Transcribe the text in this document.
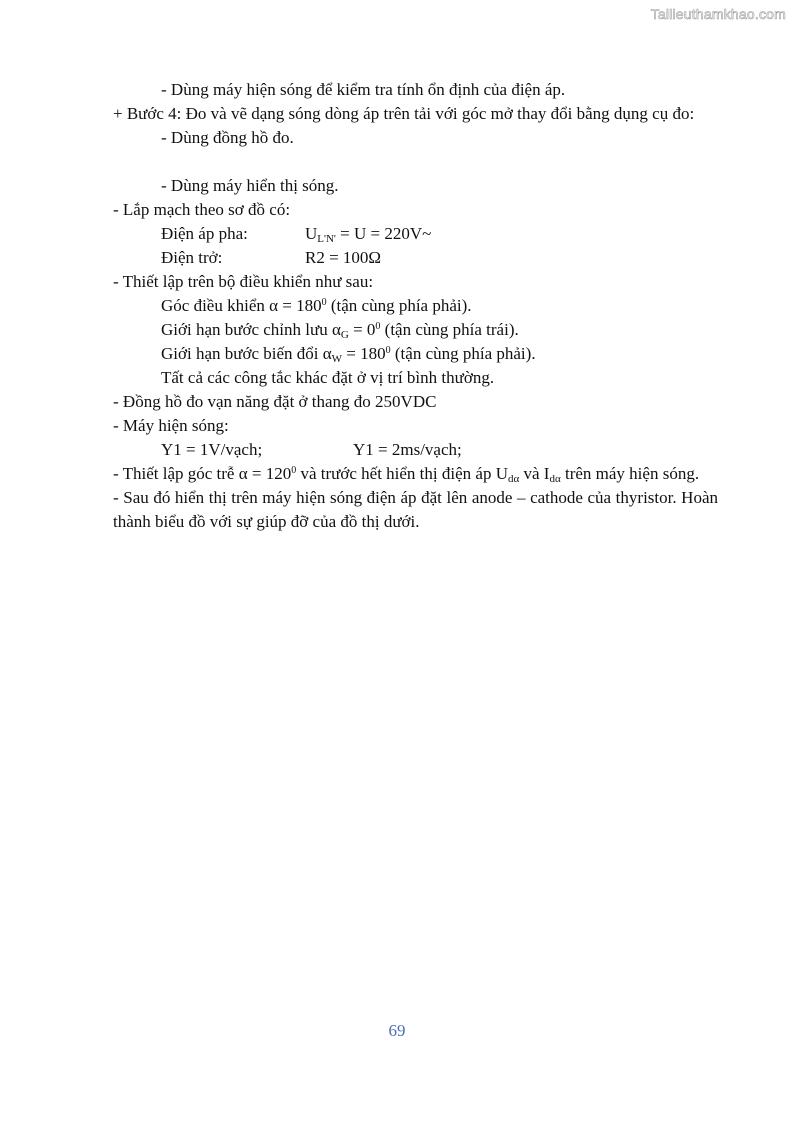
Tailieuthamkhao.com
- Dùng máy hiện sóng để kiểm tra tính ổn định của điện áp.
+ Bước 4: Đo và vẽ dạng sóng dòng áp trên tải với góc mở thay đổi bằng dụng cụ đo:
- Dùng đồng hồ đo.
- Dùng máy hiển thị sóng.
- Lắp mạch theo sơ đồ có:
Điện áp pha:	$U_{L'N'} = U$ = 220V~
Điện trở:	R2 = 100Ω
- Thiết lập trên bộ điều khiển như sau:
Góc điều khiển $\alpha = 180^0$ (tận cùng phía phải).
Giới hạn bước chỉnh lưu $\alpha_G = 0^0$ (tận cùng phía trái).
Giới hạn bước biến đổi $\alpha_W = 180^0$ (tận cùng phía phải).
Tất cả các công tắc khác đặt ở vị trí bình thường.
- Đồng hồ đo vạn năng đặt ở thang đo 250VDC
- Máy hiện sóng:
Y1 = 1V/vạch;	Y1 = 2ms/vạch;
- Thiết lập góc trễ $\alpha = 120^0$ và trước hết hiển thị điện áp $U_{d\alpha}$ và $I_{d\alpha}$ trên máy hiện sóng.
- Sau đó hiển thị trên máy hiện sóng điện áp đặt lên anode – cathode của thyristor. Hoàn thành biểu đồ với sự giúp đỡ của đồ thị dưới.
69
